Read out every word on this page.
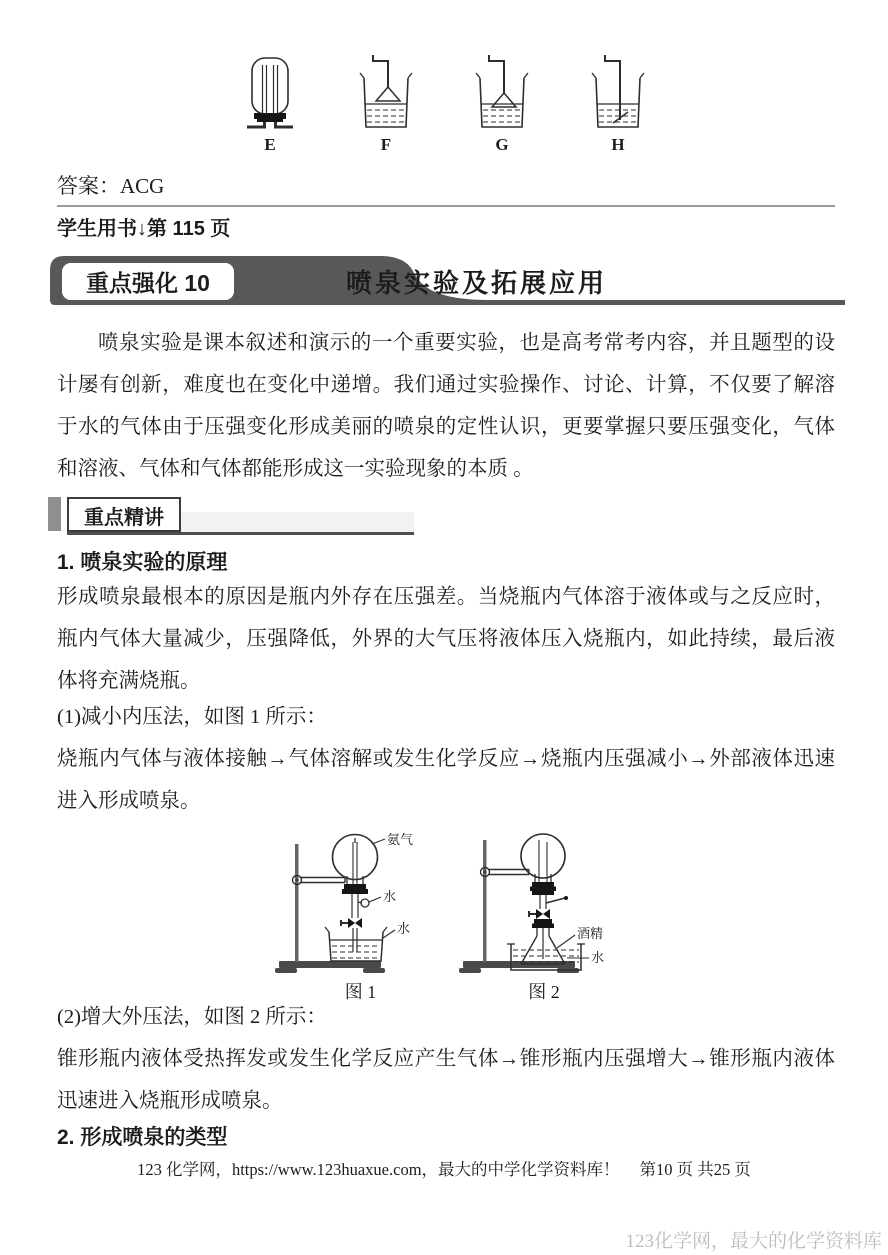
E	F	G	H
答案：ACG
学生用书↓第 115 页
重点强化 10	喷泉实验及拓展应用

喷泉实验是课本叙述和演示的一个重要实验，也是高考常考内容，并且题型的设计屡有创新，难度也在变化中递增。我们通过实验操作、讨论、计算，不仅要了解溶于水的气体由于压强变化形成美丽的喷泉的定性认识，更要掌握只要压强变化，气体和溶液、气体和气体都能形成这一实验现象的本质 。

重点精讲
1. 喷泉实验的原理

形成喷泉最根本的原因是瓶内外存在压强差。当烧瓶内气体溶于液体或与之反应时，瓶内气体大量减少，压强降低，外界的大气压将液体压入烧瓶内，如此持续，最后液体将充满烧瓶。

(1)减小内压法，如图 1 所示：

烧瓶内气体与液体接触→气体溶解或发生化学反应→烧瓶内压强减小→外部液体迅速进入形成喷泉。

氨气
水
水
图 1
酒精
水
图 2

(2)增大外压法，如图 2 所示：

锥形瓶内液体受热挥发或发生化学反应产生气体→锥形瓶内压强增大→锥形瓶内液体迅速进入烧瓶形成喷泉。

2. 形成喷泉的类型
123 化学网，https://www.123huaxue.com，最大的中学化学资料库！ 第10 页 共25 页
123化学网，最大的化学资料库
